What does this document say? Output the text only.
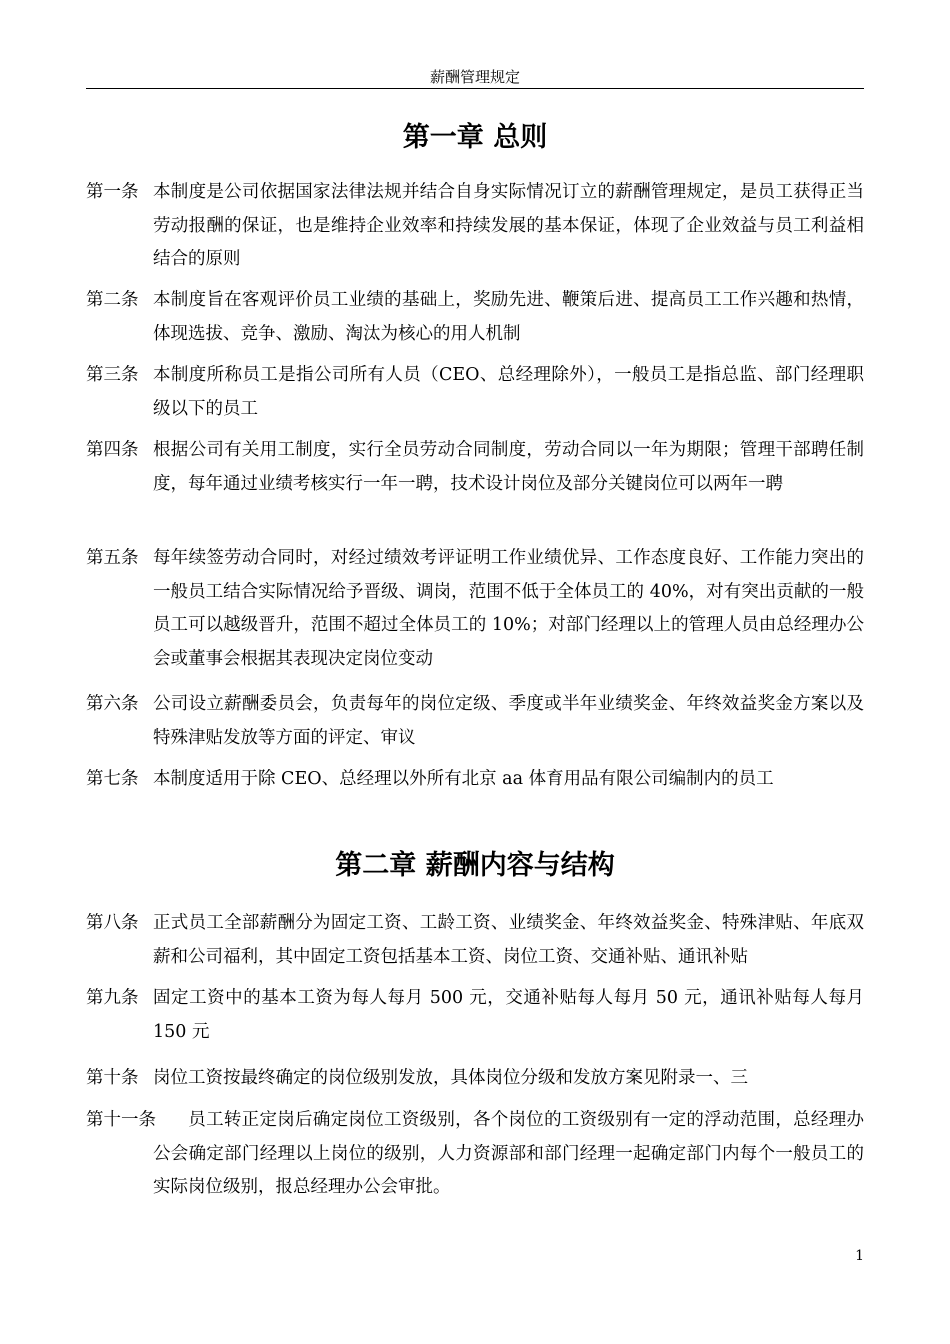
薪酬管理规定
第一章 总则

第一条 本制度是公司依据国家法律法规并结合自身实际情况订立的薪酬管理规定，是员工获得正当劳动报酬的保证，也是维持企业效率和持续发展的基本保证，体现了企业效益与员工利益相结合的原则

第二条 本制度旨在客观评价员工业绩的基础上，奖励先进、鞭策后进、提高员工工作兴趣和热情，体现选拔、竞争、激励、淘汰为核心的用人机制

第三条 本制度所称员工是指公司所有人员（CEO、总经理除外），一般员工是指总监、部门经理职级以下的员工

第四条 根据公司有关用工制度，实行全员劳动合同制度，劳动合同以一年为期限；管理干部聘任制度，每年通过业绩考核实行一年一聘，技术设计岗位及部分关键岗位可以两年一聘

第五条 每年续签劳动合同时，对经过绩效考评证明工作业绩优异、工作态度良好、工作能力突出的一般员工结合实际情况给予晋级、调岗，范围不低于全体员工的 40%，对有突出贡献的一般员工可以越级晋升，范围不超过全体员工的 10%；对部门经理以上的管理人员由总经理办公会或董事会根据其表现决定岗位变动

第六条 公司设立薪酬委员会，负责每年的岗位定级、季度或半年业绩奖金、年终效益奖金方案以及特殊津贴发放等方面的评定、审议

第七条 本制度适用于除 CEO、总经理以外所有北京 aa 体育用品有限公司编制内的员工

第二章 薪酬内容与结构

第八条 正式员工全部薪酬分为固定工资、工龄工资、业绩奖金、年终效益奖金、特殊津贴、年底双薪和公司福利，其中固定工资包括基本工资、岗位工资、交通补贴、通讯补贴

第九条 固定工资中的基本工资为每人每月 500 元，交通补贴每人每月 50 元，通讯补贴每人每月 150 元

第十条 岗位工资按最终确定的岗位级别发放，具体岗位分级和发放方案见附录一、三

第十一条	员工转正定岗后确定岗位工资级别，各个岗位的工资级别有一定的浮动范围，总经理办公会确定部门经理以上岗位的级别，人力资源部和部门经理一起确定部门内每个一般员工的实际岗位级别，报总经理办公会审批。

1
